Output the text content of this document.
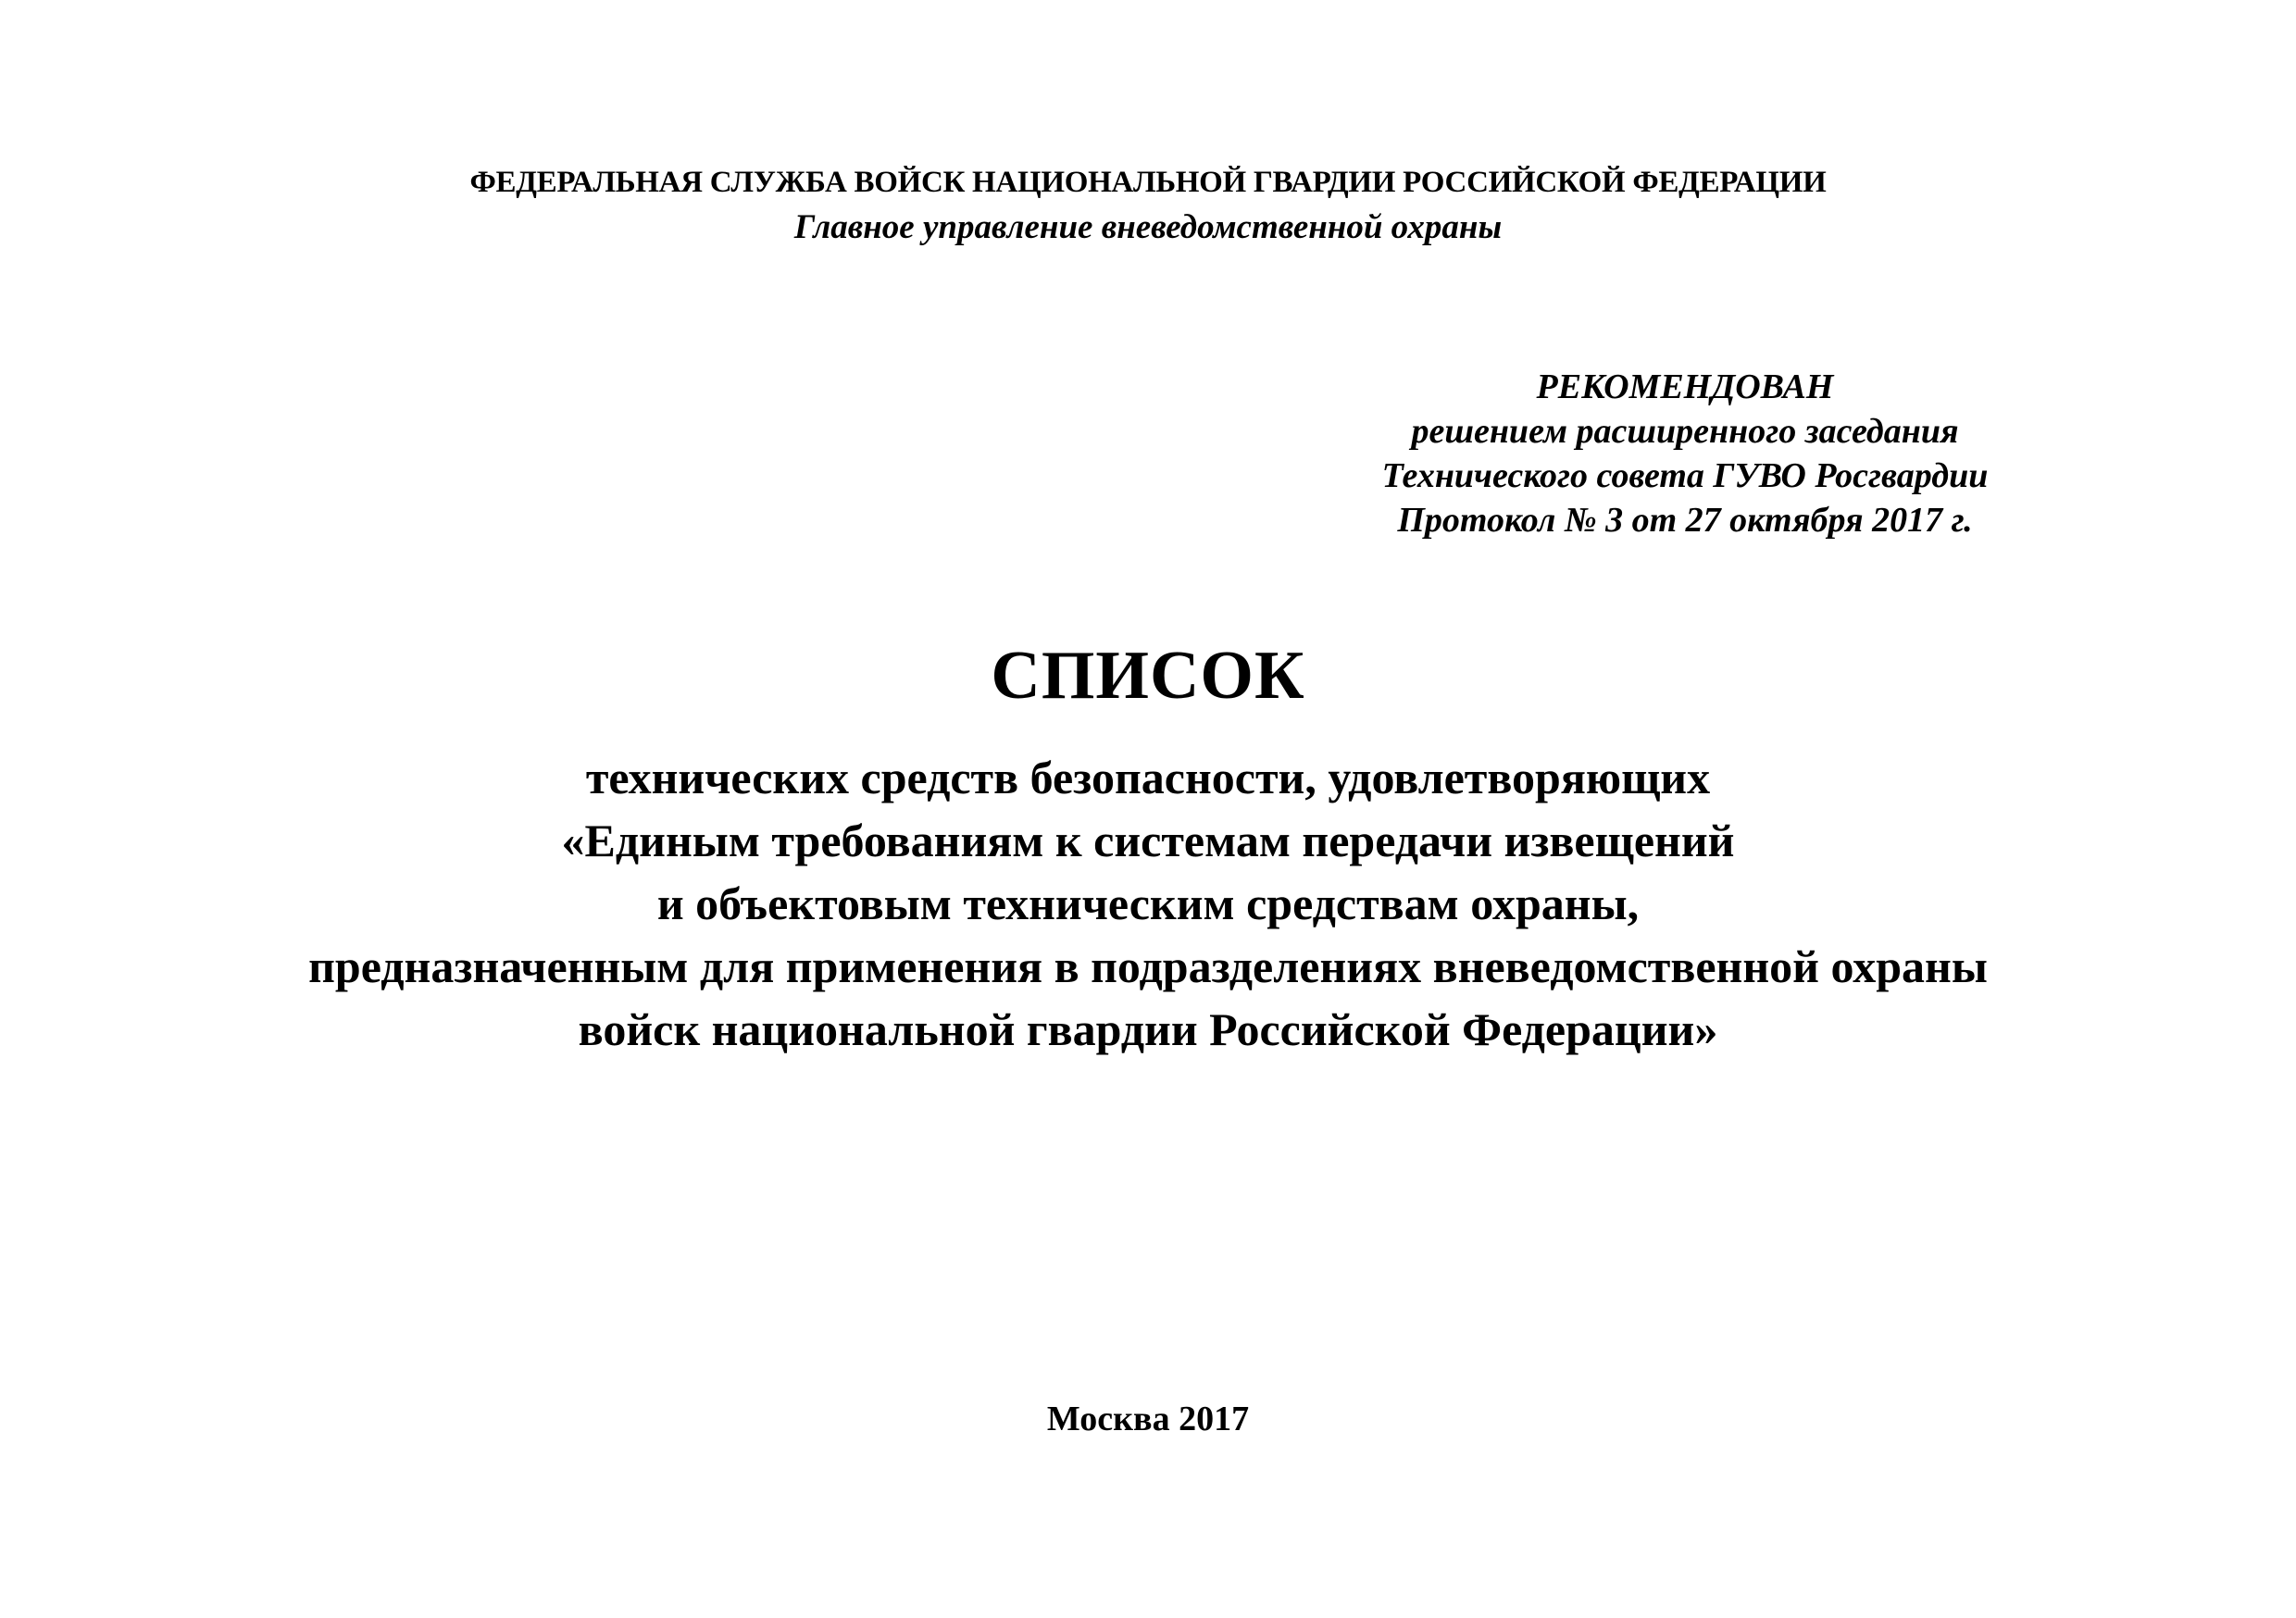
ФЕДЕРАЛЬНАЯ СЛУЖБА ВОЙСК НАЦИОНАЛЬНОЙ ГВАРДИИ РОССИЙСКОЙ ФЕДЕРАЦИИ
Главное управление вневедомственной охраны
РЕКОМЕНДОВАН
решением расширенного заседания
Технического совета ГУВО Росгвардии
Протокол № 3 от 27 октября 2017 г.
СПИСОК
технических средств безопасности, удовлетворяющих
«Единым требованиям к системам передачи извещений
и объектовым техническим средствам охраны,
предназначенным для применения в подразделениях вневедомственной охраны
войск национальной гвардии Российской Федерации»
Москва 2017
